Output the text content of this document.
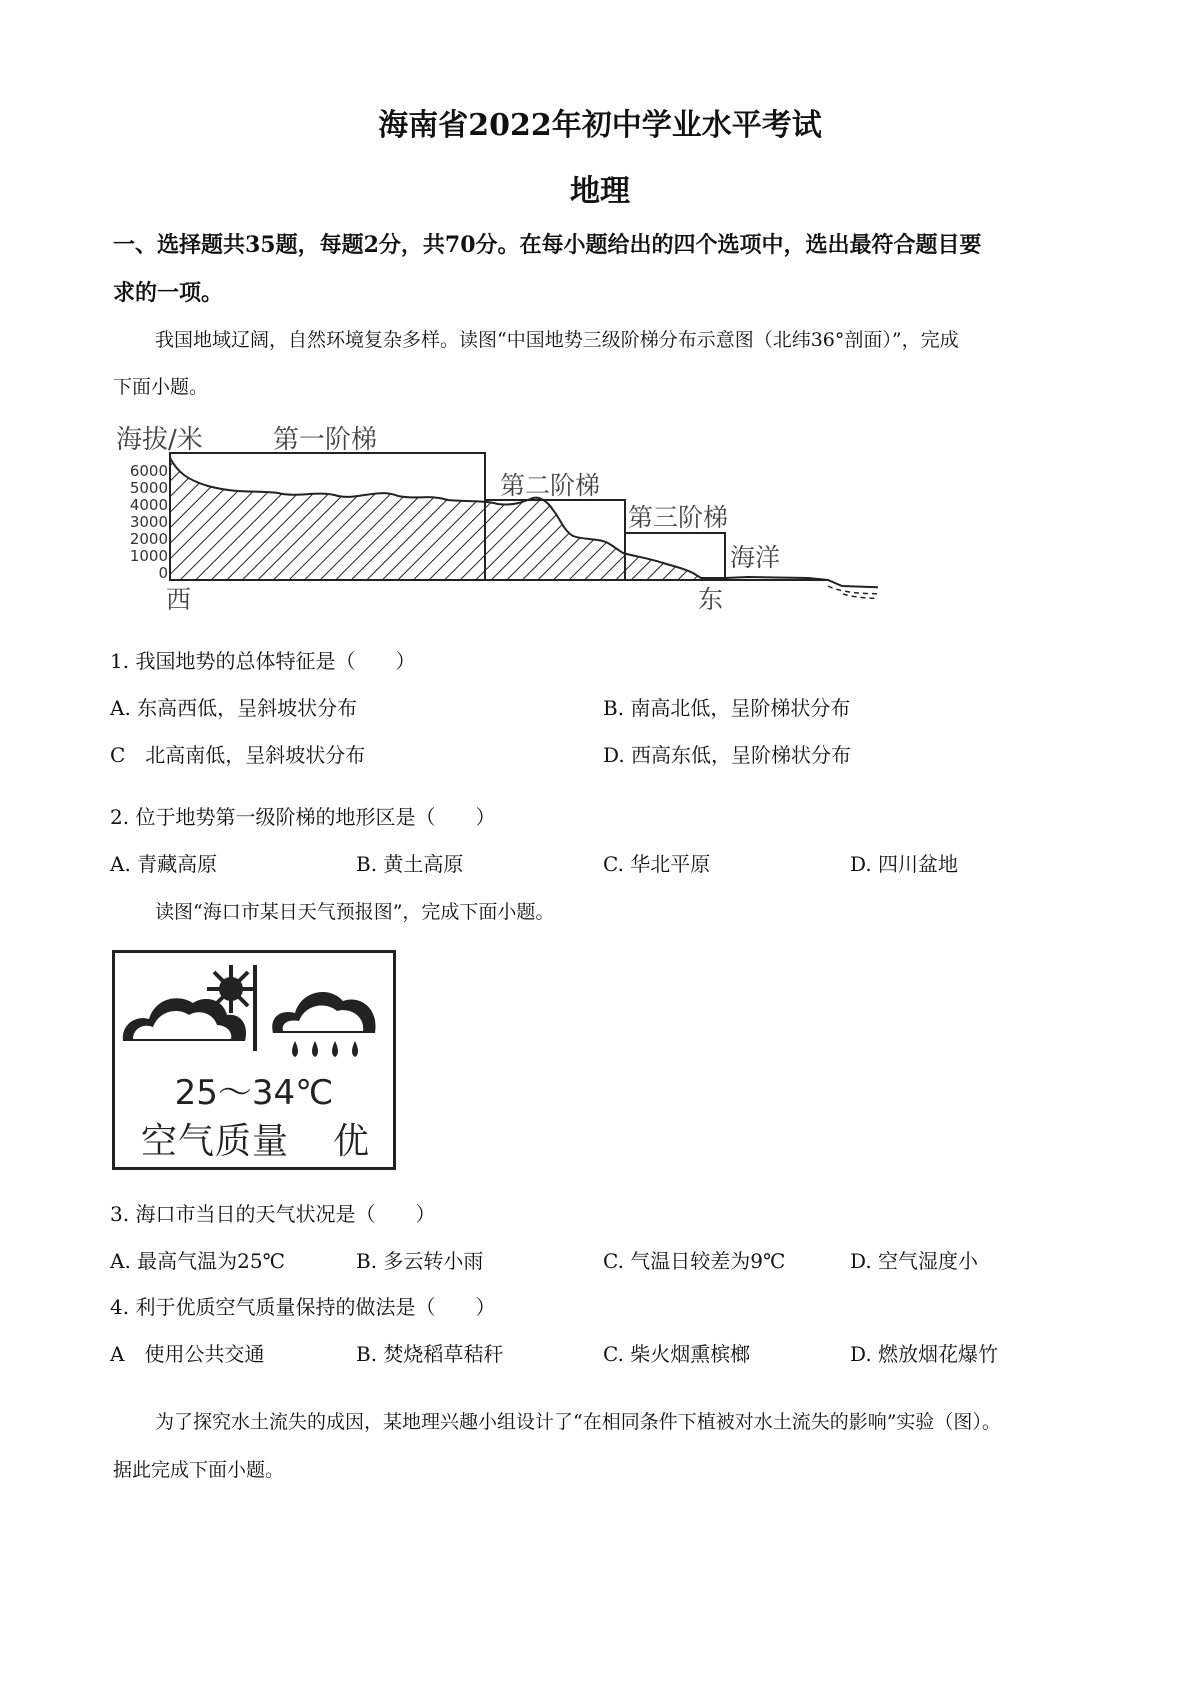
海南省2022年初中学业水平考试
地理
一、选择题共35题，每题2分，共70分。在每小题给出的四个选项中，选出最符合题目要
求的一项。
我国地域辽阔，自然环境复杂多样。读图“中国地势三级阶梯分布示意图（北纬36°剖面）”，完成
下面小题。
海拔/米
6000
5000
4000
3000
2000
1000
0
第一阶梯
第二阶梯
第三阶梯
海洋
西	东
1. 我国地势的总体特征是（　　）
A. 东高西低，呈斜坡状分布	B. 南高北低，呈阶梯状分布
C　北高南低，呈斜坡状分布	D. 西高东低，呈阶梯状分布
2. 位于地势第一级阶梯的地形区是（　　）
A. 青藏高原	B. 黄土高原	C. 华北平原	D. 四川盆地
读图“海口市某日天气预报图”，完成下面小题。
25～34℃
空气质量 优
3. 海口市当日的天气状况是（　　）
A. 最高气温为25℃	B. 多云转小雨	C. 气温日较差为9℃	D. 空气湿度小
4. 利于优质空气质量保持的做法是（　　）
A　使用公共交通	B. 焚烧稻草秸秆	C. 柴火烟熏槟榔	D. 燃放烟花爆竹
为了探究水土流失的成因，某地理兴趣小组设计了“在相同条件下植被对水土流失的影响”实验（图）。
据此完成下面小题。
